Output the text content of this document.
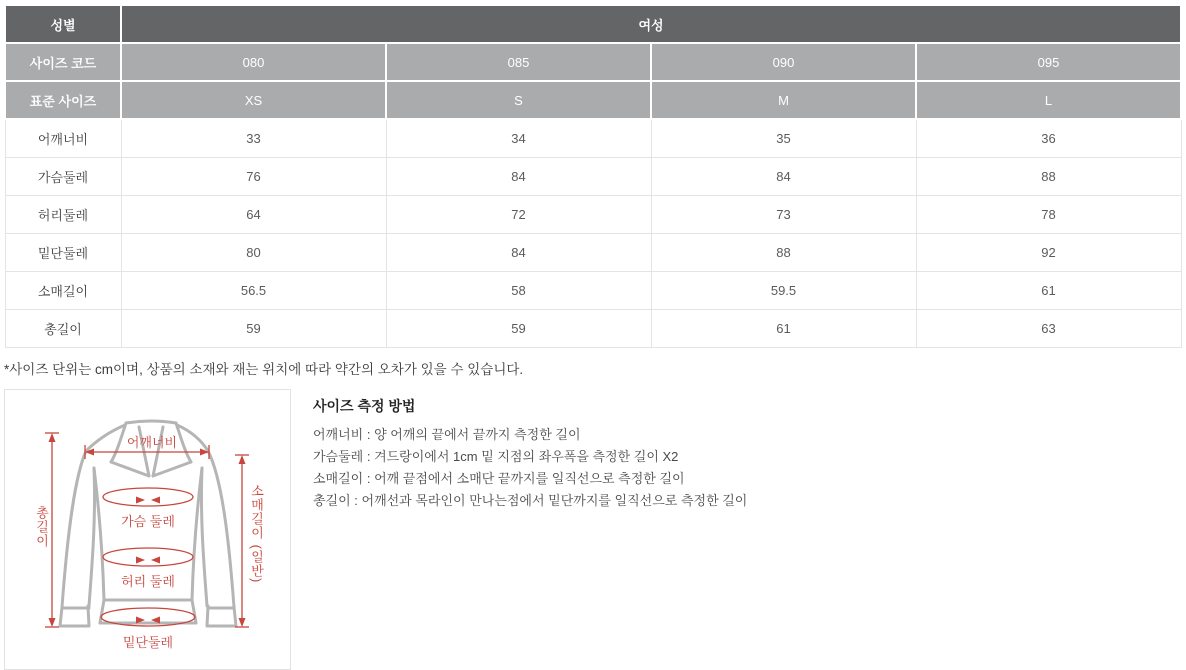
성별	여성			
사이즈 코드	080	085	090	095
표준 사이즈	XS	S	M	L
어깨너비	33	34	35	36
가슴둘레	76	84	84	88
허리둘레	64	72	73	78
밑단둘레	80	84	88	92
소매길이	56.5	58	59.5	61
총길이	59	59	61	63

*사이즈 단위는 cm이며, 상품의 소재와 재는 위치에 따라 약간의 오차가 있을 수 있습니다.

어깨너비
가슴 둘레
허리 둘레
밑단둘레
총길이	소매길이 (일반)
사이즈 측정 방법

어깨너비 : 양 어깨의 끝에서 끝까지 측정한 길이

가슴둘레 : 겨드랑이에서 1cm 밑 지점의 좌우폭을 측정한 길이 X2

소매길이 : 어깨 끝점에서 소매단 끝까지를 일직선으로 측정한 길이

총길이 : 어깨선과 목라인이 만나는점에서 밑단까지를 일직선으로 측정한 길이
